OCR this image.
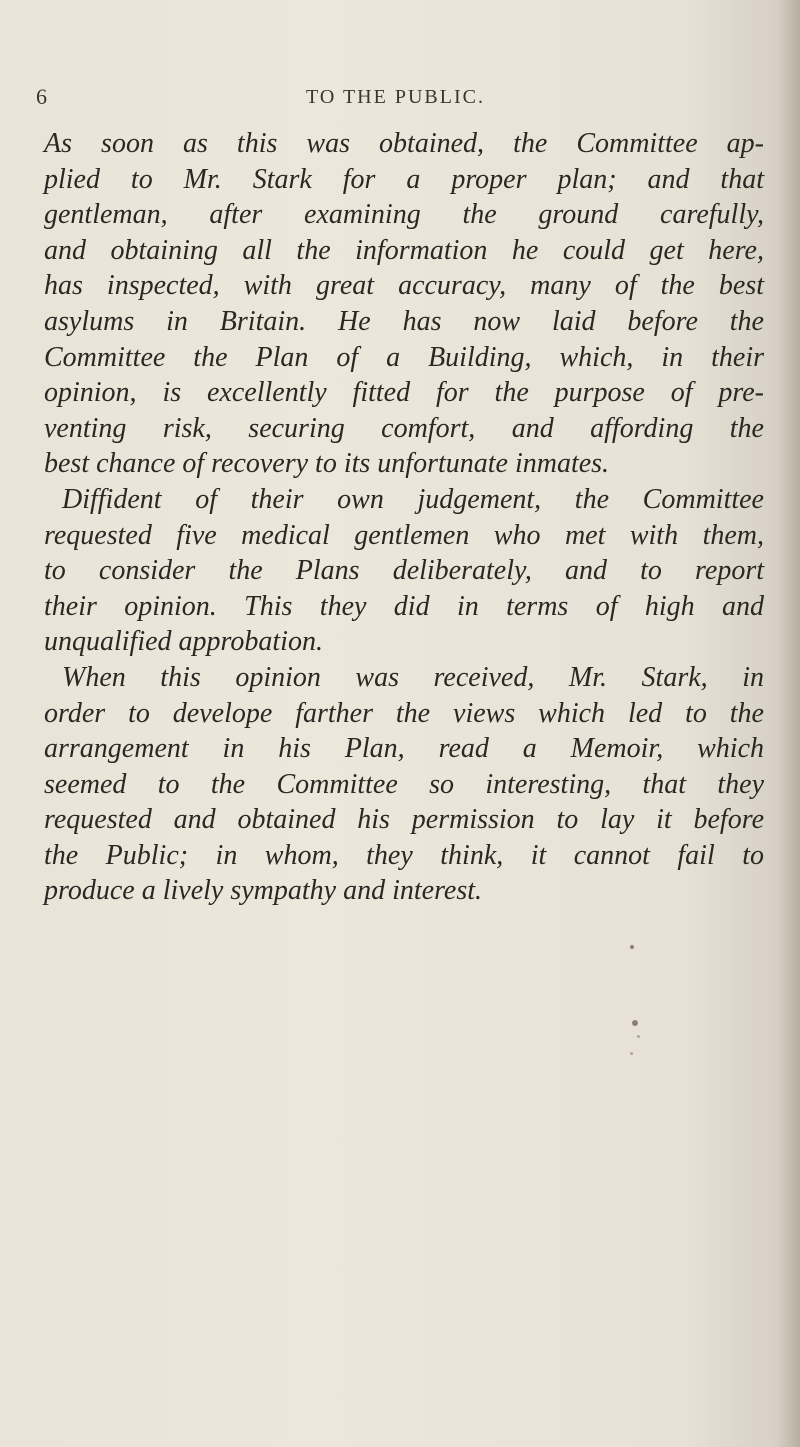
6	TO THE PUBLIC.
As soon as this was obtained, the Committee ap-
plied to Mr. Stark for a proper plan; and that
gentleman, after examining the ground carefully,
and obtaining all the information he could get here,
has inspected, with great accuracy, many of the best
asylums in Britain. He has now laid before the
Committee the Plan of a Building, which, in their
opinion, is excellently fitted for the purpose of pre-
venting risk, securing comfort, and affording the
best chance of recovery to its unfortunate inmates.
Diffident of their own judgement, the Committee
requested five medical gentlemen who met with them,
to consider the Plans deliberately, and to report
their opinion. This they did in terms of high and
unqualified approbation.
When this opinion was received, Mr. Stark, in
order to develope farther the views which led to the
arrangement in his Plan, read a Memoir, which
seemed to the Committee so interesting, that they
requested and obtained his permission to lay it before
the Public; in whom, they think, it cannot fail to
produce a lively sympathy and interest.
